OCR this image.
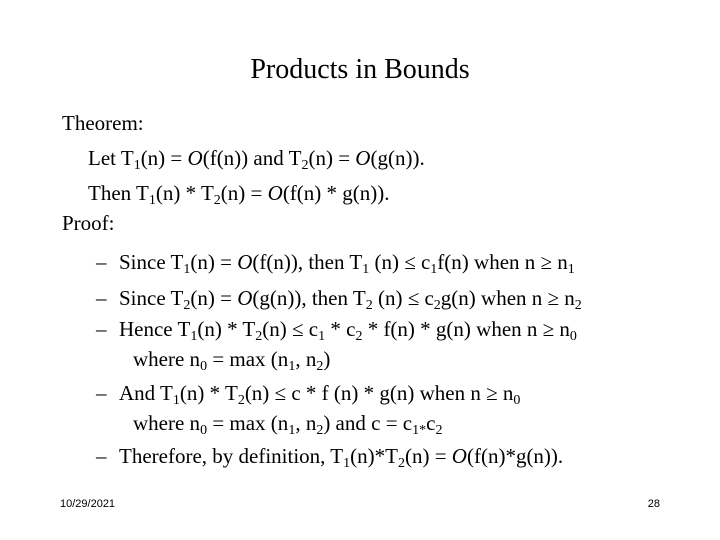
Products in Bounds
Theorem:
Let $T_1(n) = O(f(n))$ and $T_2(n) = O(g(n))$.
Then $T_1(n) * T_2(n) = O(f(n) * g(n))$.
Proof:
– Since $T_1(n) = O(f(n))$, then $T_1$ $(n) \le c_1f(n)$ when $n \ge n_1$
– Since $T_2(n) = O(g(n))$, then $T_2$ $(n) \le c_2g(n)$ when $n \ge n_2$
– Hence $T_1(n) * T_2(n) \le c_1 * c_2 * f(n) * g(n)$ when $n \ge n_0$
where $n_0 = \max (n_1$, $n_2$)
– And $T_1(n) * T_2(n) \le c * f$ (n) * g(n) when $n \ge n_0$
where $n_0 = \max (n_1$, $n_2$) and $c = c_{1*}c_2$
– Therefore, by definition, $T_1(n)*T_2(n) = O(f(n)*g(n))$.
10/29/2021	28
